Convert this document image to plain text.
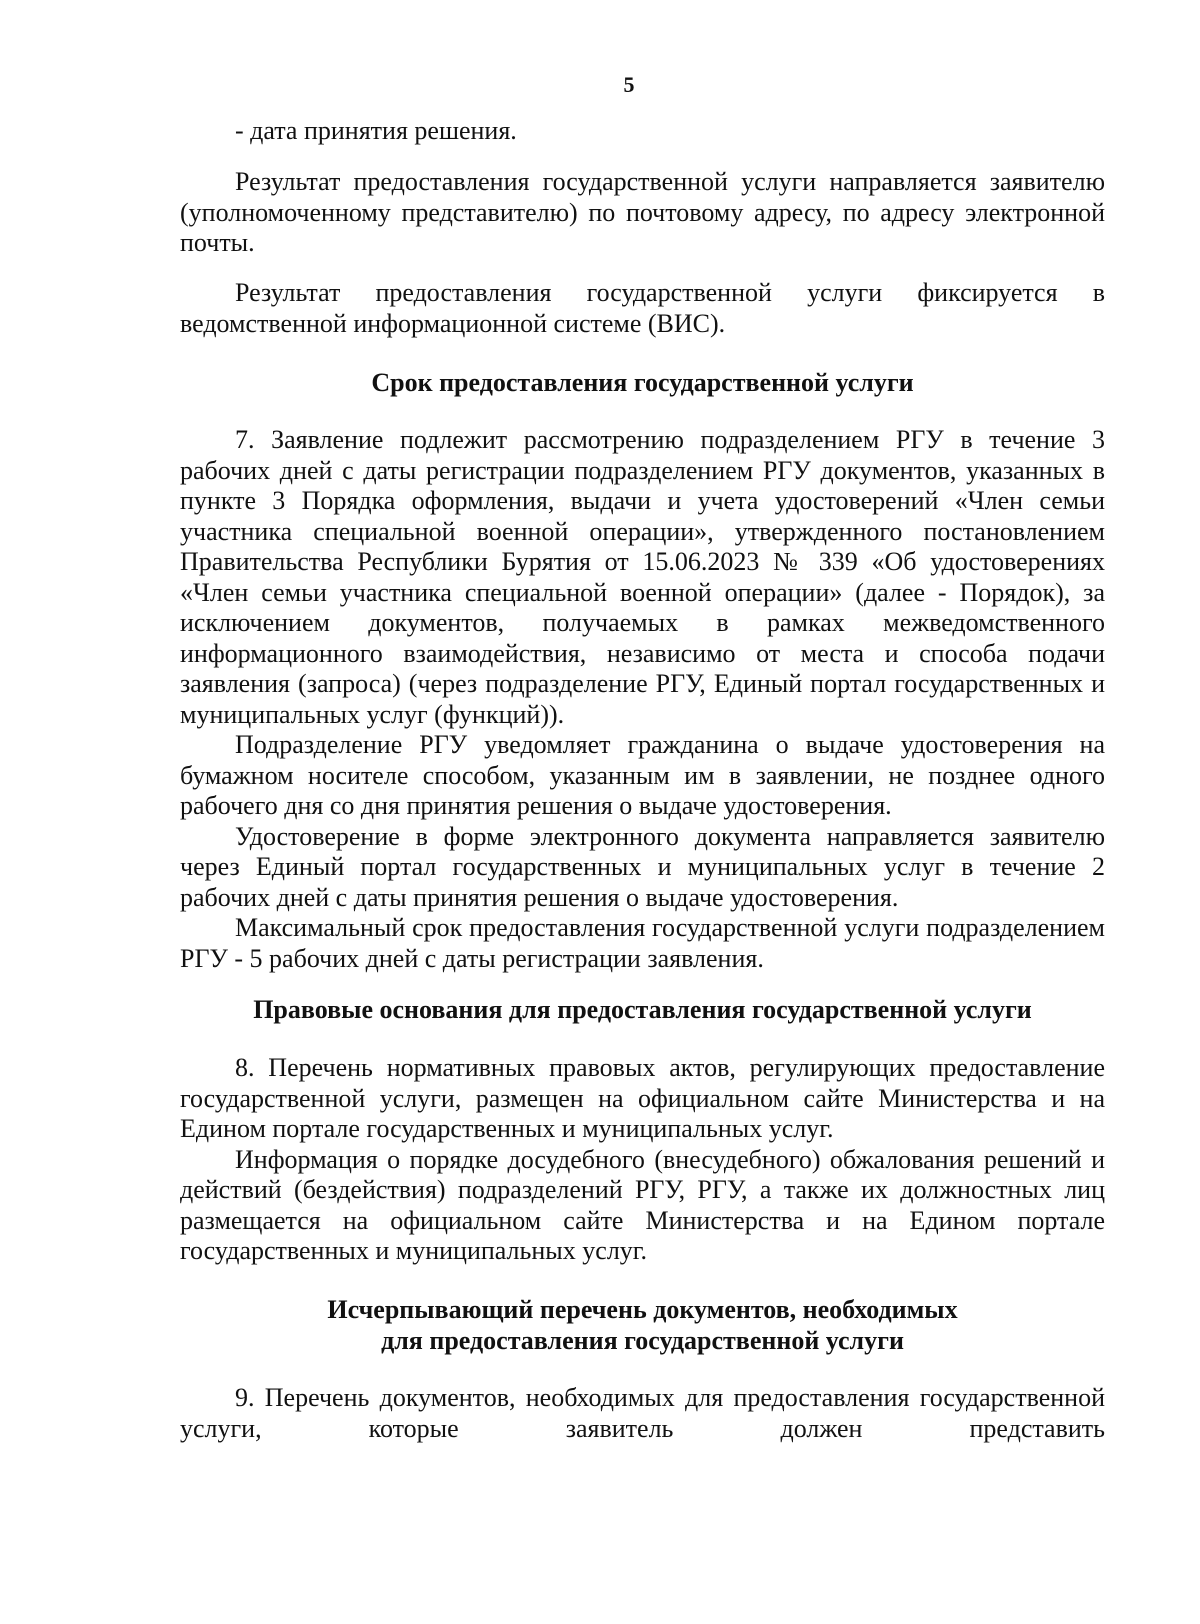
5

- дата принятия решения.

Результат предоставления государственной услуги направляется заявителю (уполномоченному представителю) по почтовому адресу, по адресу электронной почты.

Результат предоставления государственной услуги фиксируется в ведомственной информационной системе (ВИС).

Срок предоставления государственной услуги

7. Заявление подлежит рассмотрению подразделением РГУ в течение 3 рабочих дней с даты регистрации подразделением РГУ документов, указанных в пункте 3 Порядка оформления, выдачи и учета удостоверений «Член семьи участника специальной военной операции», утвержденного постановлением Правительства Республики Бурятия от 15.06.2023 № 339 «Об удостоверениях «Член семьи участника специальной военной операции» (далее - Порядок), за исключением документов, получаемых в рамках межведомственного информационного взаимодействия, независимо от места и способа подачи заявления (запроса) (через подразделение РГУ, Единый портал государственных и муниципальных услуг (функций)).

Подразделение РГУ уведомляет гражданина о выдаче удостоверения на бумажном носителе способом, указанным им в заявлении, не позднее одного рабочего дня со дня принятия решения о выдаче удостоверения.

Удостоверение в форме электронного документа направляется заявителю через Единый портал государственных и муниципальных услуг в течение 2 рабочих дней с даты принятия решения о выдаче удостоверения.

Максимальный срок предоставления государственной услуги подразделением РГУ - 5 рабочих дней с даты регистрации заявления.

Правовые основания для предоставления государственной услуги

8. Перечень нормативных правовых актов, регулирующих предоставление государственной услуги, размещен на официальном сайте Министерства и на Едином портале государственных и муниципальных услуг.

Информация о порядке досудебного (внесудебного) обжалования решений и действий (бездействия) подразделений РГУ, РГУ, а также их должностных лиц размещается на официальном сайте Министерства и на Едином портале государственных и муниципальных услуг.

Исчерпывающий перечень документов, необходимых
для предоставления государственной услуги

9. Перечень документов, необходимых для предоставления государственной услуги, которые заявитель должен представить
